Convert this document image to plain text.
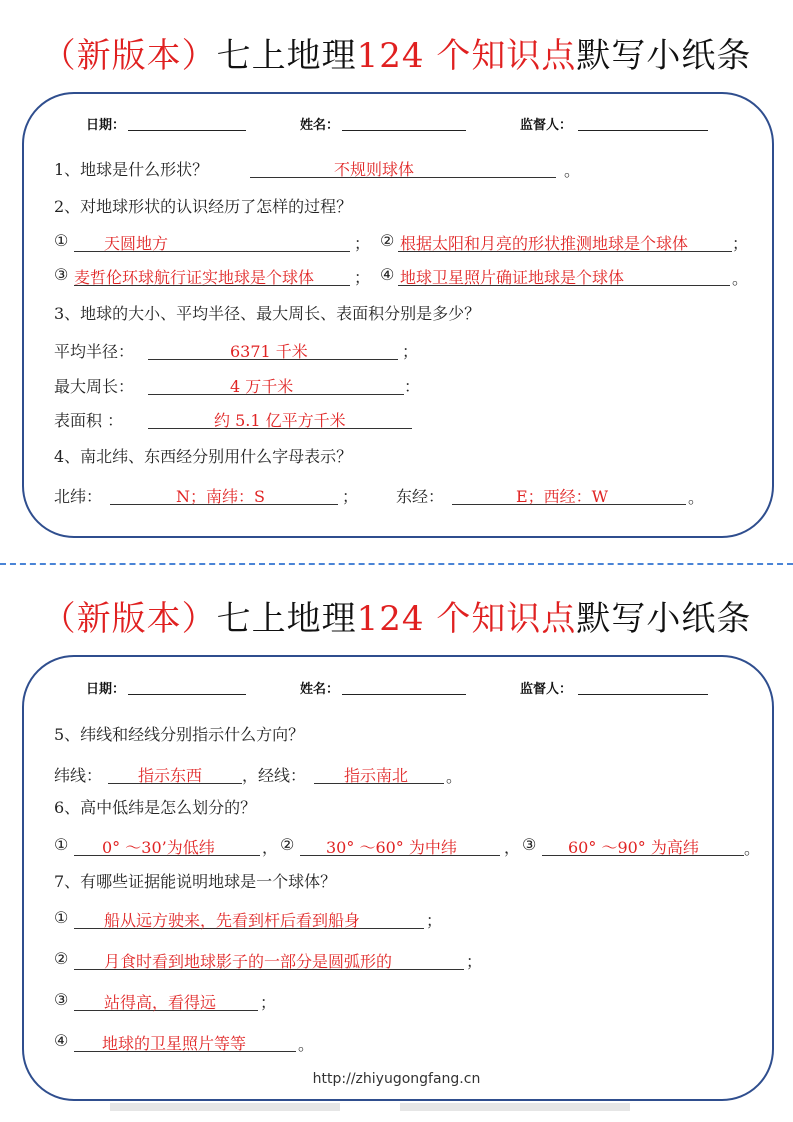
（新版本）七上地理124 个知识点默写小纸条
日期：	姓名：	监督人：
1、地球是什么形状？	不规则球体	。
2、对地球形状的认识经历了怎样的过程？
① 天圆地方	； ② 根据太阳和月亮的形状推测地球是个球体	；
③ 麦哲伦环球航行证实地球是个球体 ； ④ 地球卫星照片确证地球是个球体	。
3、地球的大小、平均半径、最大周长、表面积分别是多少？
平均半径：	6371 千米	；
最大周长：	4 万千米	：
表面积 ：	约 5.1 亿平方千米
4、南北纬、东西经分别用什么字母表示？
北纬：	N；南纬：S	； 东经：	E；西经：W	。
（新版本）七上地理124 个知识点默写小纸条
日期：	姓名：	监督人：
5、纬线和经线分别指示什么方向？
纬线： 指示东西 ，经线： 指示南北 。
6、高中低纬是怎么划分的？
① 0° ～30’为低纬	， ② 30° ～60° 为中纬	， ③ 60° ～90° 为高纬	。
7、有哪些证据能说明地球是一个球体？
① 船从远方驶来，先看到杆后看到船身	；
② 月食时看到地球影子的一部分是圆弧形的	；
③ 站得高，看得远	；
④ 地球的卫星照片等等	。
http://zhiyugongfang.cn
